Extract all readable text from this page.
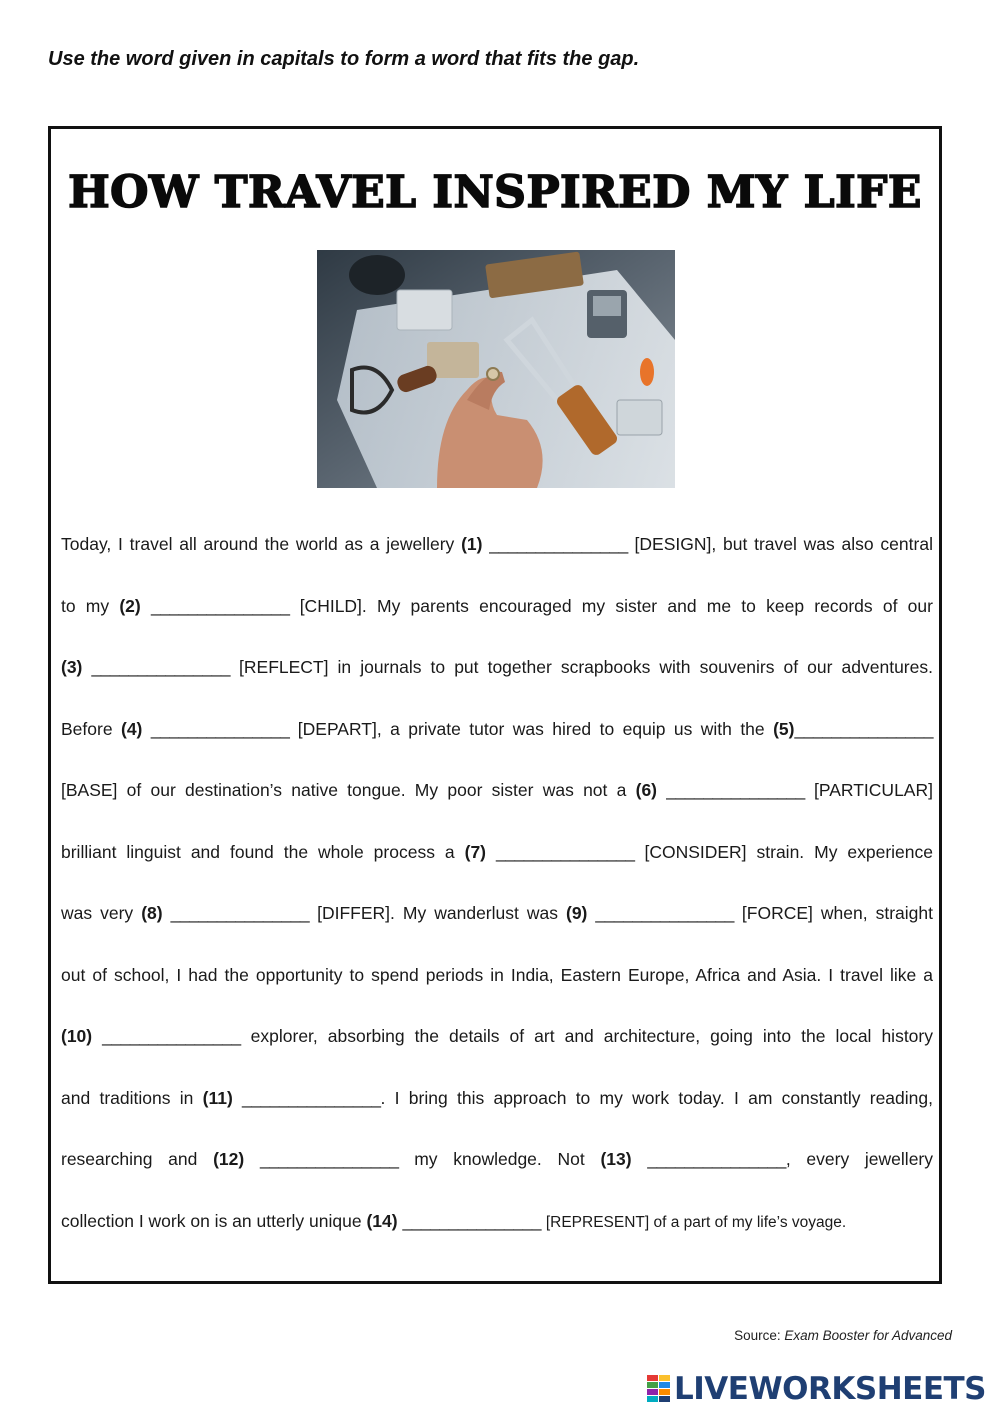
Use the word given in capitals to form a word that fits the gap.
HOW TRAVEL INSPIRED MY LIFE
Today, I travel all around the world as a jewellery (1) _______________ [DESIGN], but travel was also central
to my (2) _______________ [CHILD]. My parents encouraged my sister and me to keep records of our
(3) _______________ [REFLECT] in journals to put together scrapbooks with souvenirs of our adventures.
Before (4) _______________ [DEPART], a private tutor was hired to equip us with the (5)_______________
[BASE] of our destination’s native tongue. My poor sister was not a (6) _______________ [PARTICULAR]
brilliant linguist and found the whole process a (7) _______________ [CONSIDER] strain. My experience
was very (8) _______________ [DIFFER]. My wanderlust was (9) _______________ [FORCE] when, straight
out of school, I had the opportunity to spend periods in India, Eastern Europe, Africa and Asia. I travel like a
(10) _______________ explorer, absorbing the details of art and architecture, going into the local history
and traditions in (11) _______________. I bring this approach to my work today. I am constantly reading,
researching and (12) _______________ my knowledge. Not (13) _______________, every jewellery
collection I work on is an utterly unique (14) _______________ [REPRESENT] of a part of my life’s voyage.
Source: Exam Booster for Advanced
LIVEWORKSHEETS
